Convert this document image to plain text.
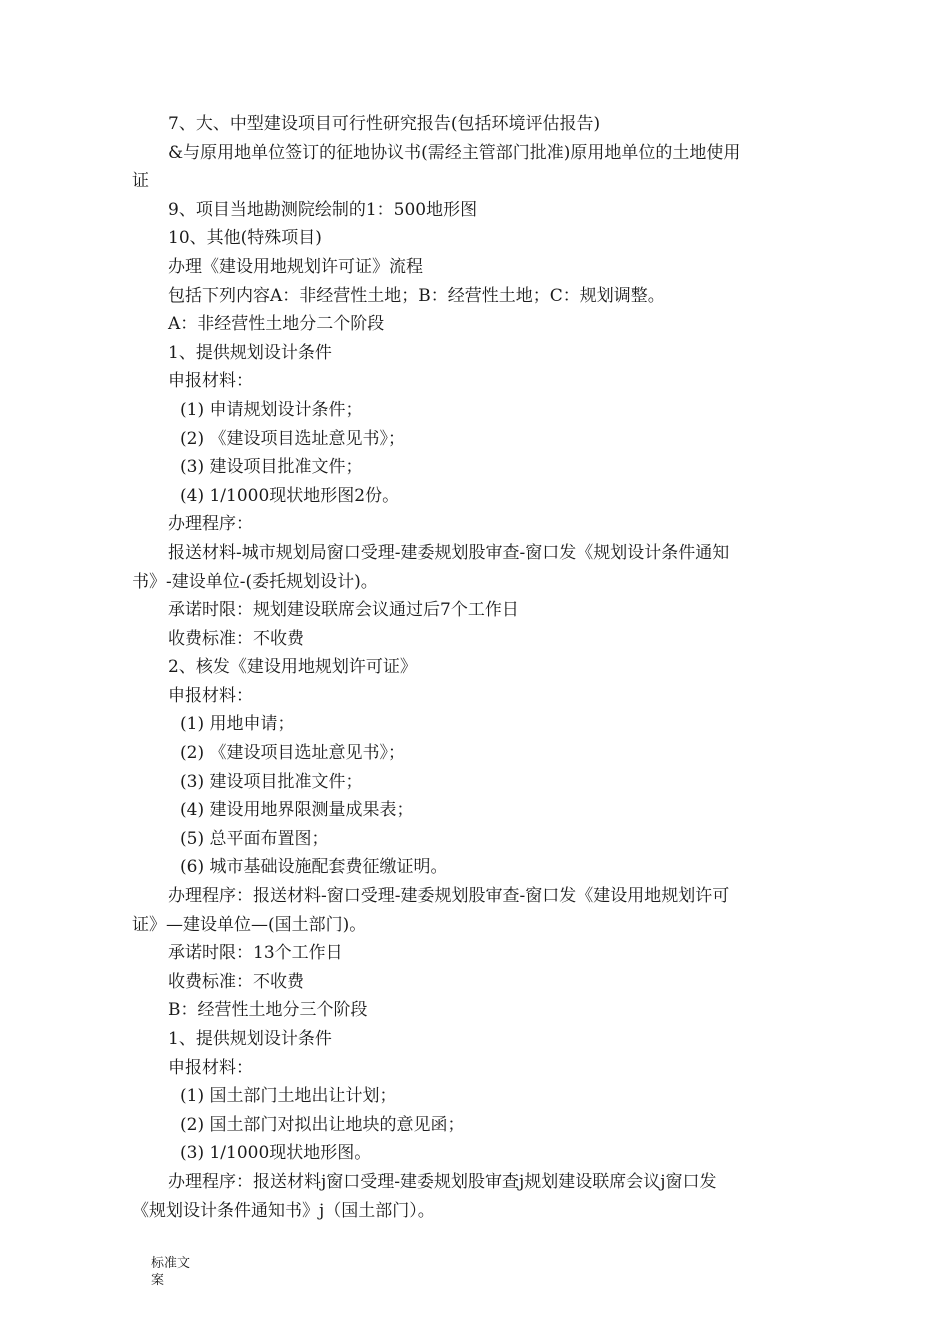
7、大、中型建设项目可行性研究报告(包括环境评估报告)

&与原用地单位签订的征地协议书(需经主管部门批准)原用地单位的土地使用

证

9、项目当地勘测院绘制的1：500地形图

10、其他(特殊项目)

办理《建设用地规划许可证》流程

包括下列内容A：非经营性土地；B：经营性土地；C：规划调整。

A：非经营性土地分二个阶段

1、提供规划设计条件

申报材料：

(1) 申请规划设计条件；

(2) 《建设项目选址意见书》；

(3) 建设项目批准文件；

(4) 1/1000现状地形图2份。

办理程序：

报送材料-城市规划局窗口受理-建委规划股审查-窗口发《规划设计条件通知

书》-建设单位-(委托规划设计)。

承诺时限：规划建设联席会议通过后7个工作日

收费标准：不收费

2、核发《建设用地规划许可证》

申报材料：

(1) 用地申请；

(2) 《建设项目选址意见书》；

(3) 建设项目批准文件；

(4) 建设用地界限测量成果表；

(5) 总平面布置图；

(6) 城市基础设施配套费征缴证明。

办理程序：报送材料-窗口受理-建委规划股审查-窗口发《建设用地规划许可

证》—建设单位—(国土部门)。

承诺时限：13个工作日

收费标准：不收费

B：经营性土地分三个阶段

1、提供规划设计条件

申报材料：

(1) 国土部门土地出让计划；

(2) 国土部门对拟出让地块的意见函；

(3) 1/1000现状地形图。

办理程序：报送材料j窗口受理-建委规划股审查j规划建设联席会议j窗口发

《规划设计条件通知书》j（国土部门）。

标准文
案
